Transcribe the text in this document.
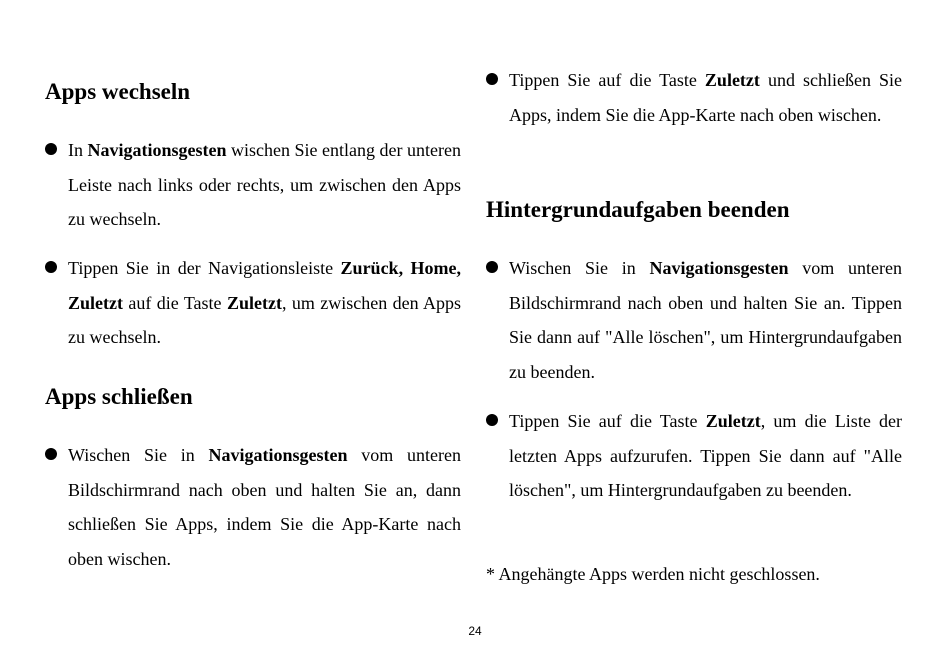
Apps wechseln
In Navigationsgesten wischen Sie entlang der unteren Leiste nach links oder rechts, um zwischen den Apps zu wechseln.
Tippen Sie in der Navigationsleiste Zurück, Home, Zuletzt auf die Taste Zuletzt, um zwischen den Apps zu wechseln.
Apps schließen
Wischen Sie in Navigationsgesten vom unteren Bildschirmrand nach oben und halten Sie an, dann schließen Sie Apps, indem Sie die App-Karte nach oben wischen.
Tippen Sie auf die Taste Zuletzt und schließen Sie Apps, indem Sie die App-Karte nach oben wischen.
Hintergrundaufgaben beenden
Wischen Sie in Navigationsgesten vom unteren Bildschirmrand nach oben und halten Sie an. Tippen Sie dann auf "Alle löschen", um Hintergrundaufgaben zu beenden.
Tippen Sie auf die Taste Zuletzt, um die Liste der letzten Apps aufzurufen. Tippen Sie dann auf "Alle löschen", um Hintergrundaufgaben zu beenden.

* Angehängte Apps werden nicht geschlossen.

24
